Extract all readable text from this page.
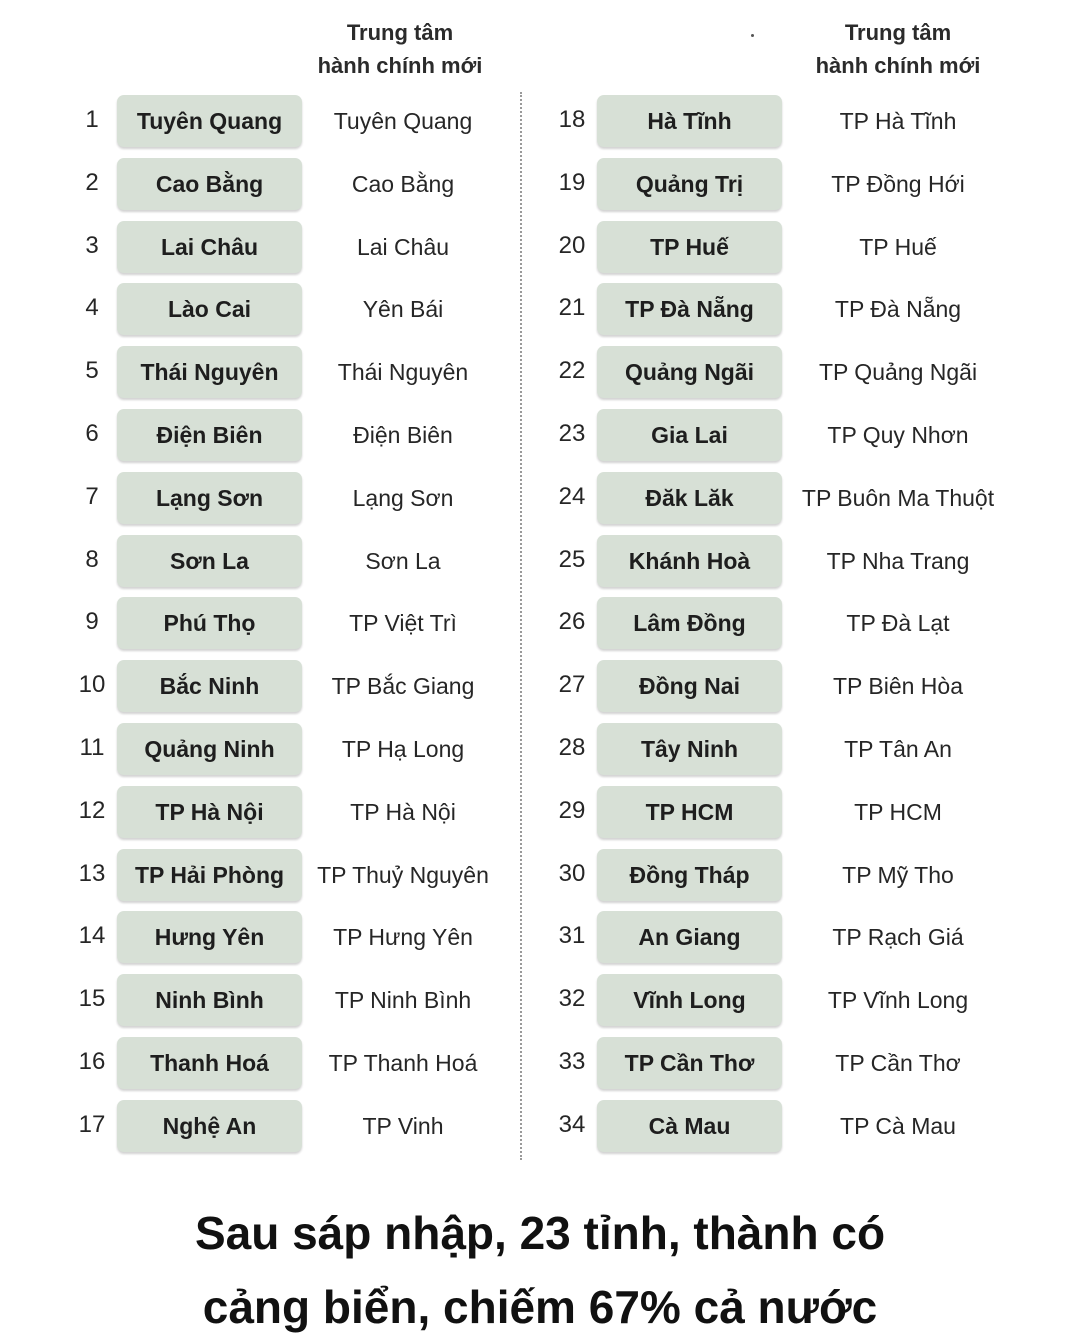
Trung tâm
hành chính mới
Trung tâm
hành chính mới
1	Tuyên Quang	Tuyên Quang
2	Cao Bằng	Cao Bằng
3	Lai Châu	Lai Châu
4	Lào Cai	Yên Bái
5	Thái Nguyên	Thái Nguyên
6	Điện Biên	Điện Biên
7	Lạng Sơn	Lạng Sơn
8	Sơn La	Sơn La
9	Phú Thọ	TP Việt Trì
10	Bắc Ninh	TP Bắc Giang
11	Quảng Ninh	TP Hạ Long
12	TP Hà Nội	TP Hà Nội
13	TP Hải Phòng	TP Thuỷ Nguyên
14	Hưng Yên	TP Hưng Yên
15	Ninh Bình	TP Ninh Bình
16	Thanh Hoá	TP Thanh Hoá
17	Nghệ An	TP Vinh
18	Hà Tĩnh	TP Hà Tĩnh
19	Quảng Trị	TP Đồng Hới
20	TP Huế	TP Huế
21	TP Đà Nẵng	TP Đà Nẵng
22	Quảng Ngãi	TP Quảng Ngãi
23	Gia Lai	TP Quy Nhơn
24	Đăk Lăk	TP Buôn Ma Thuột
25	Khánh Hoà	TP Nha Trang
26	Lâm Đồng	TP Đà Lạt
27	Đồng Nai	TP Biên Hòa
28	Tây Ninh	TP Tân An
29	TP HCM	TP HCM
30	Đồng Tháp	TP Mỹ Tho
31	An Giang	TP Rạch Giá
32	Vĩnh Long	TP Vĩnh Long
33	TP Cần Thơ	TP Cần Thơ
34	Cà Mau	TP Cà Mau
Sau sáp nhập, 23 tỉnh, thành có
cảng biển, chiếm 67% cả nước
